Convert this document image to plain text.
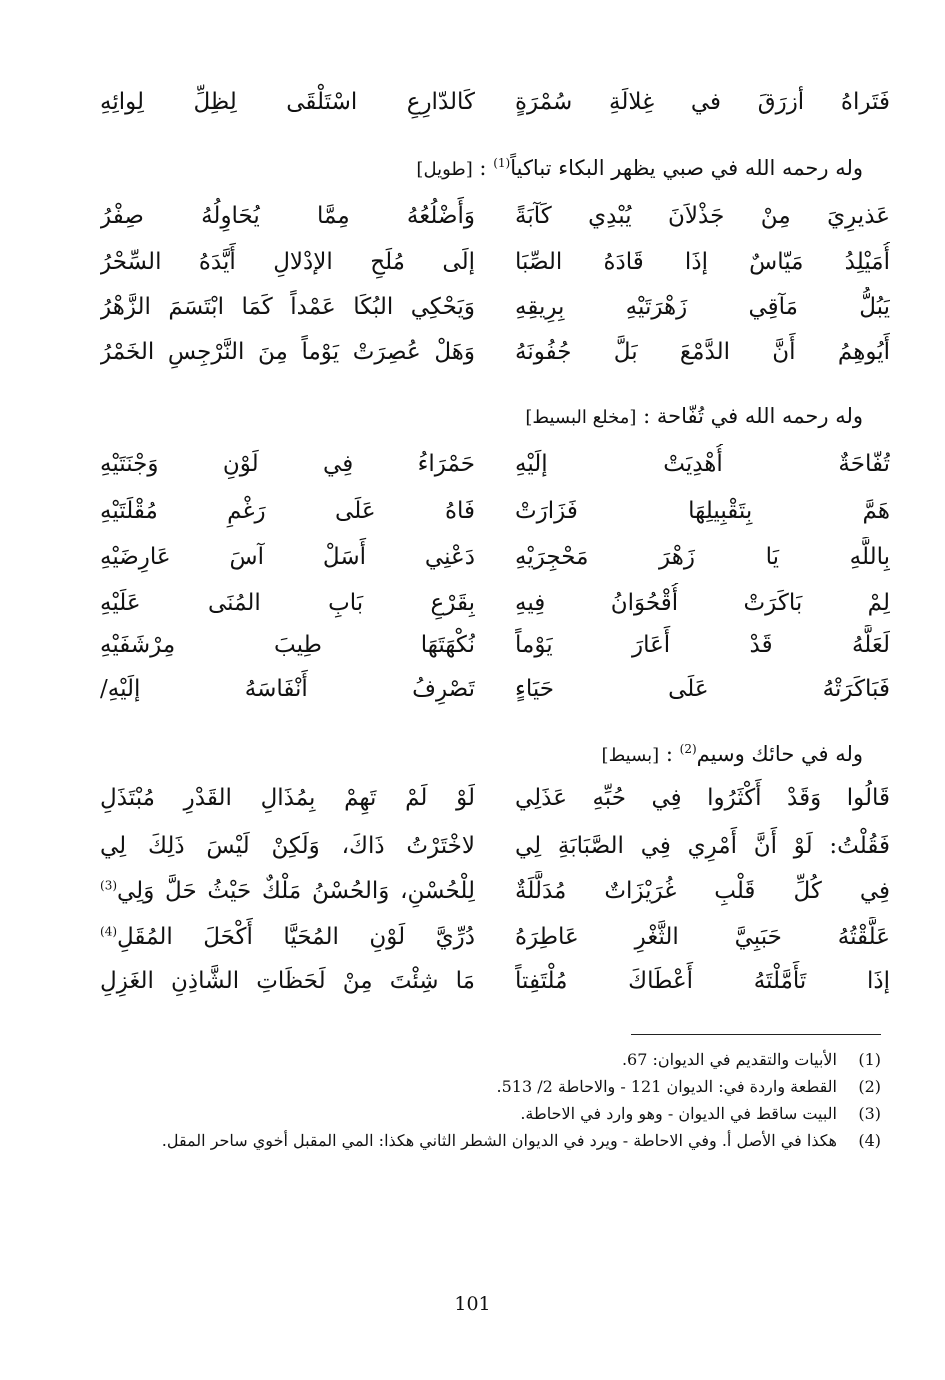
فَتَراهُ أزرَقَ في غِلالَةِ سُمْرَةٍ
كَالدّارِعِ اسْتَلْقَى لِظِلِّ لِوائِهِ
وله رحمه الله في صبي يظهر البكاء تباكياً$^{(1)}$ : [طويل]
عَذيرِيَ مِنْ جَذْلاَنَ يُبْدِي كَآبَةً
وَأَضْلُعُهُ مِمَّا يُحَاوِلُهُ صِفْرُ
أُمَيْلِدُ مَيّاسٌ إذَا قَادَهُ الصِّبَا
إلَى مُلَحِ الإدْلالِ أَيَّدَهُ السِّحْرُ
يَبُلُّ مَآقِي زَهْرَتَيْهِ بِرِيقِهِ
وَيَحْكِي البُكَا عَمْداً كَمَا ابْتَسَمَ الزَّهْرُ
أَيُوهِمُ أَنَّ الدَّمْعَ بَلَّ جُفُونَهُ
وَهَلْ عُصِرَتْ يَوْماً مِنَ النَّرْجِسِ الخَمْرُ
وله رحمه الله في تُفّاحة : [مخلع البسيط]
تُفّاحَةٌ أُهْدِيَتْ إلَيْهِ
حَمْرَاءُ فِي لَوْنِ وَجْنَتَيْهِ
هَمَّ بِتَقْبِيلِهَا فَزَارَتْ
فَاهُ عَلَى رَغْمِ مُقْلَتَيْهِ
بِاللَّهِ يَا زَهْرَ مَحْجِرَيْهِ
دَعْنِي أَسَلْ آسَ عَارِضَيْهِ
لِمْ بَاكَرَتْ أُقْحُوَانُ فِيهِ
بِقَرْعِ بَابِ المُنَى عَلَيْهِ
لَعَلَّهُ قَدْ أَعَارَ يَوْماً
نُكْهَتَهَا طِيبَ مِرْشَفَيْهِ
فَبَاكَرَتْهُ عَلَى حَيَاءٍ
تَصْرِفُ أَنْفَاسَهُ إلَيْهِ/
وله في حائك وسيم$^{(2)}$ : [بسيط]
قَالُوا وَقَدْ أَكْثَرُوا فِي حُبِّهِ عَذَلِي
لَوْ لَمْ تَهِمْ بِمُذَالِ القَدْرِ مُبْتَذَلِ
فَقُلْتُ: لَوْ أَنَّ أَمْرِي فِي الصَّبَابَةِ لِي
لاخْتَرْتُ ذَاكَ، وَلَكِنْ لَيْسَ ذَلِكَ لِي
فِي كُلِّ قَلْبِ غُرَيْزَاتٌ مُدَلَّلَةٌ
لِلْحُسْنِ، وَالحُسْنُ مَلْكٌ حَيْثُ حَلَّ وَلِي$^{(3)}$
عَلَّقْتُهُ حَبَبِيَّ الثَّغْرِ عَاطِرَهُ
دُرِّيَّ لَوْنِ المُحَيَّا أَكْحَلَ المُقَلِ$^{(4)}$
إذَا تَأَمَّلْتَهُ أَعْطَاكَ مُلْتَفِتاً
مَا شِئْتَ مِنْ لَحَظَاتِ الشَّاذِنِ الغَزِلِ
(1)
الأبيات والتقديم في الديوان: 67.
(2)
القطعة واردة في: الديوان 121 - والاحاطة 2/ 513.
(3)
البيت ساقط في الديوان - وهو وارد في الاحاطة.
(4)
هكذا في الأصل أ. وفي الاحاطة - ويرد في الديوان الشطر الثاني هكذا: المي المقبل أخوي ساحر المقل.
101
